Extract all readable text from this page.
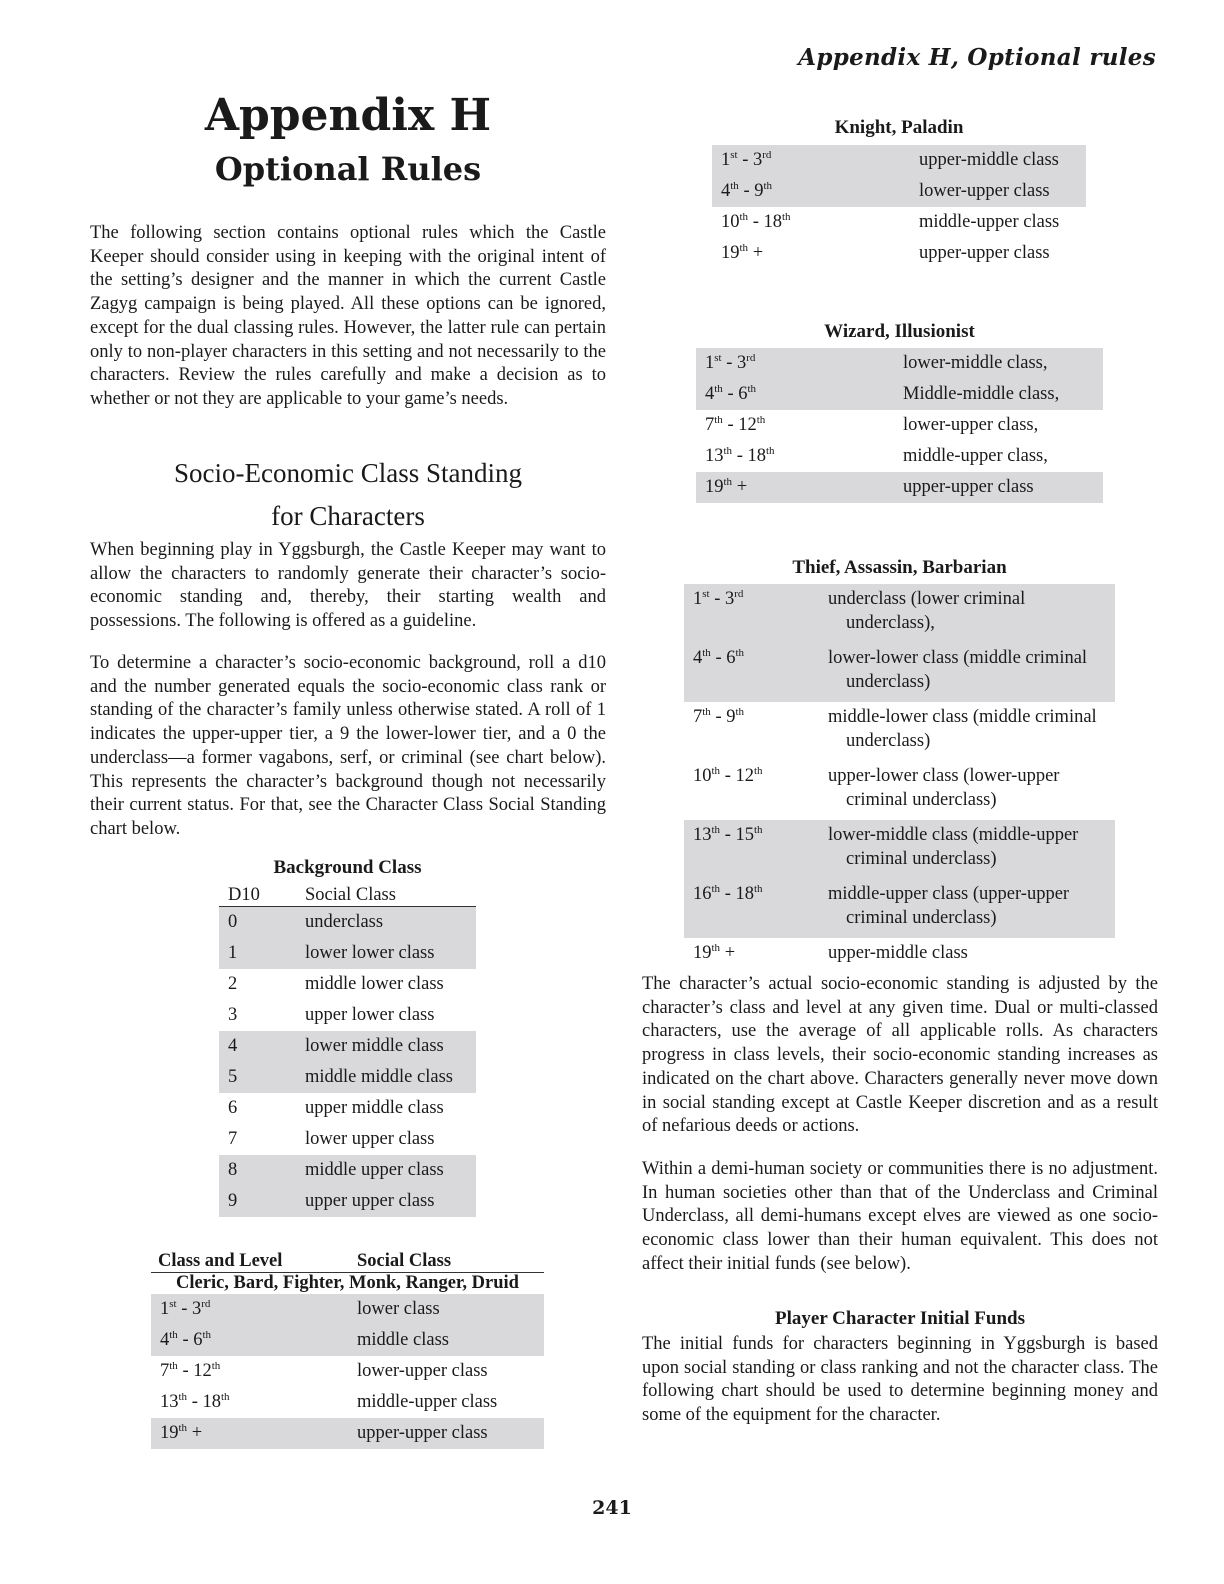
Appendix H, Optional rules
Appendix H
Optional Rules
The following section contains optional rules which the Castle Keeper should consider using in keeping with the original intent of the setting’s designer and the manner in which the current Castle Zagyg campaign is being played. All these options can be ignored, except for the dual classing rules. However, the latter rule can pertain only to non-player characters in this setting and not necessarily to the characters. Review the rules carefully and make a decision as to whether or not they are applicable to your game’s needs.
Socio-Economic Class Standing
for Characters
When beginning play in Yggsburgh, the Castle Keeper may want to allow the characters to randomly generate their character’s socio-economic standing and, thereby, their starting wealth and possessions. The following is offered as a guideline.
To determine a character’s socio-economic background, roll a d10 and the number generated equals the socio-economic class rank or standing of the character’s family unless otherwise stated. A roll of 1 indicates the upper-upper tier, a 9 the lower-lower tier, and a 0 the underclass—a former vagabons, serf, or criminal (see chart below). This represents the character’s background though not necessarily their current status. For that, see the Character Class Social Standing chart below.
Background Class
D10	Social Class
0	underclass
1	lower lower class
2	middle lower class
3	upper lower class
4	lower middle class
5	middle middle class
6	upper middle class
7	lower upper class
8	middle upper class
9	upper upper class
Class and Level	Social Class
Cleric, Bard, Fighter, Monk, Ranger, Druid	
1st - 3rd	lower class
4th - 6th	middle class
7th - 12th	lower-upper class
13th - 18th	middle-upper class
19th +	upper-upper class
Knight, Paladin
1st - 3rd	upper-middle class
4th - 9th	lower-upper class
10th - 18th	middle-upper class
19th +	upper-upper class
Wizard, Illusionist
1st - 3rd	lower-middle class,
4th - 6th	Middle-middle class,
7th - 12th	lower-upper class,
13th - 18th	middle-upper class,
19th +	upper-upper class
Thief, Assassin, Barbarian
1st - 3rd	underclass (lower criminal underclass),

4th - 6th	lower-lower class (middle criminal underclass)

7th - 9th	middle-lower class (middle criminal underclass)

10th - 12th	upper-lower class (lower-upper criminal underclass)

13th - 15th	lower-middle class (middle-upper criminal underclass)

16th - 18th	middle-upper class (upper-upper criminal underclass)

19th +	upper-middle class
The character’s actual socio-economic standing is adjusted by the character’s class and level at any given time. Dual or multi-classed characters, use the average of all applicable rolls. As characters progress in class levels, their socio-economic standing increases as indicated on the chart above. Characters generally never move down in social standing except at Castle Keeper discretion and as a result of nefarious deeds or actions.
Within a demi-human society or communities there is no adjustment. In human societies other than that of the Underclass and Criminal Underclass, all demi-humans except elves are viewed as one socio-economic class lower than their human equivalent. This does not affect their initial funds (see below).
Player Character Initial Funds
The initial funds for characters beginning in Yggsburgh is based upon social standing or class ranking and not the character class. The following chart should be used to determine beginning money and some of the equipment for the character.
241
